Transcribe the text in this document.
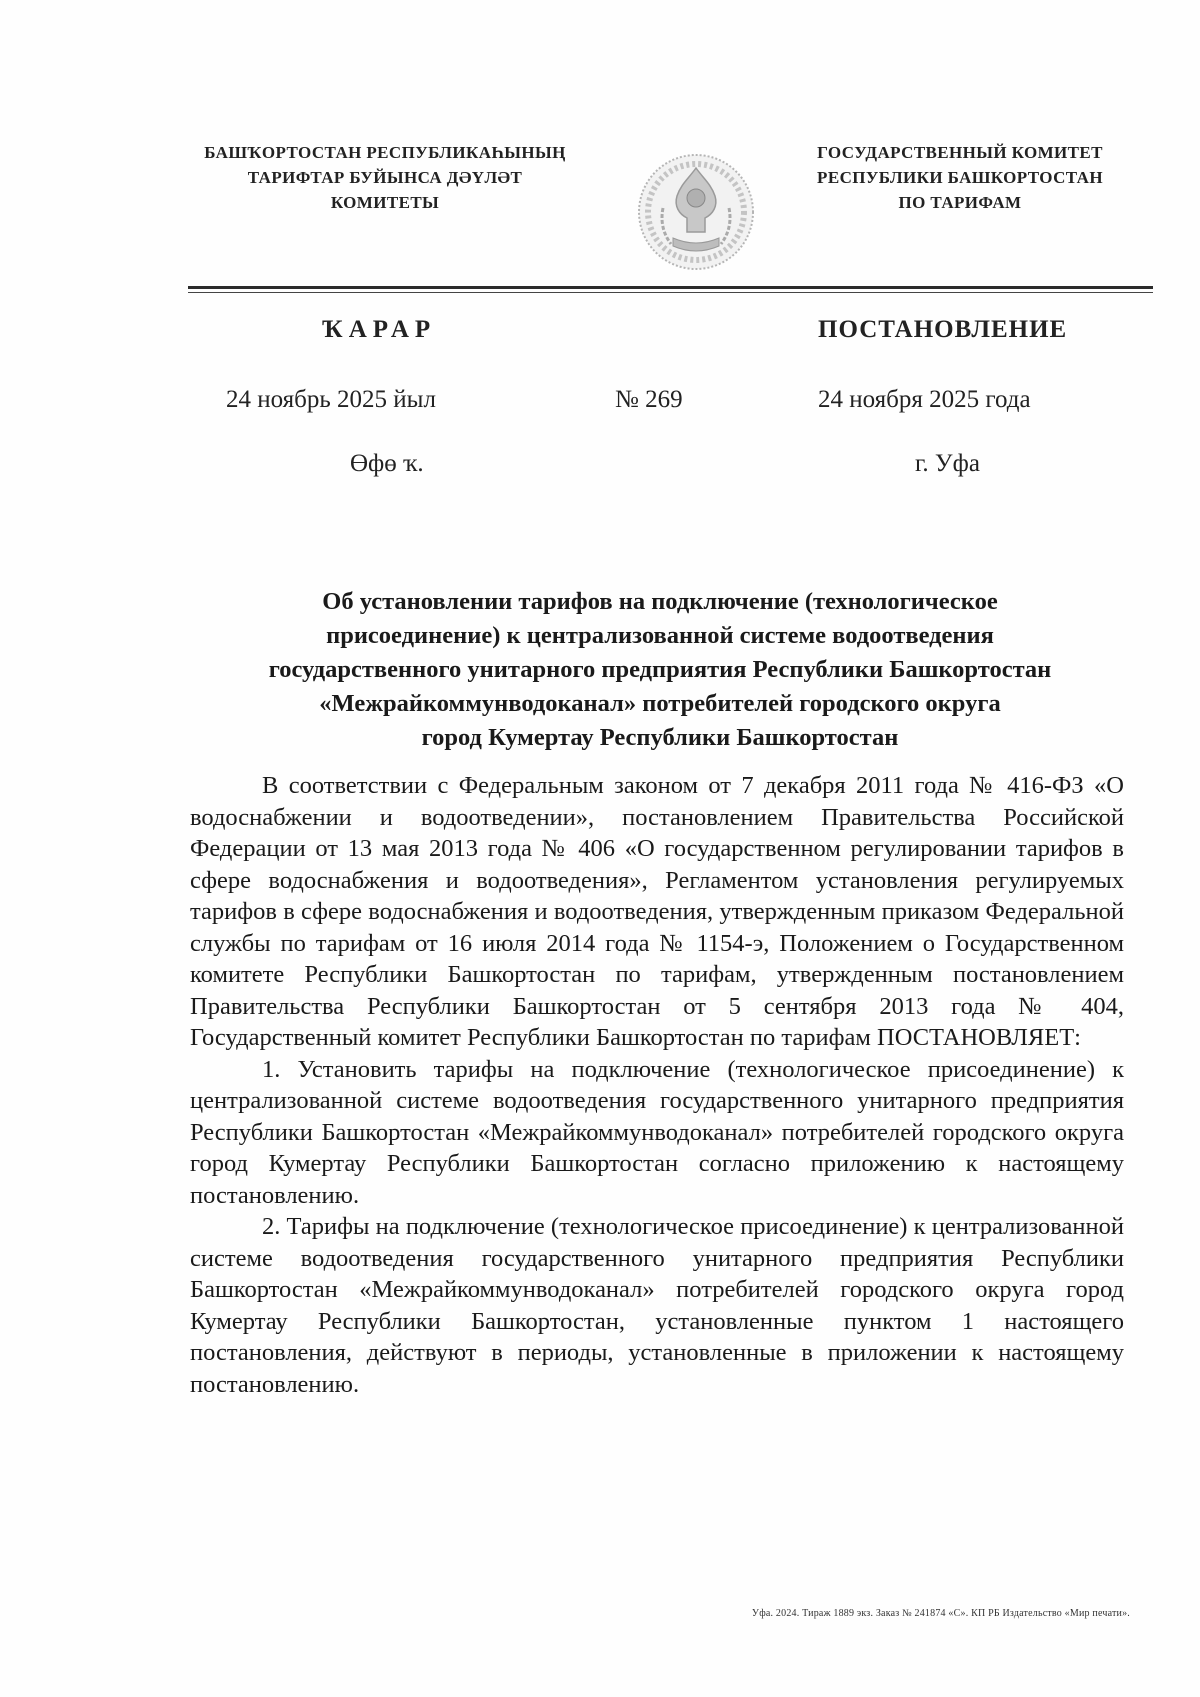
БАШҠОРТОСТАН РЕСПУБЛИКАҺЫНЫҢ
ТАРИФТАР БУЙЫНСА ДӘҮЛӘТ
КОМИТЕТЫ
ГОСУДАРСТВЕННЫЙ КОМИТЕТ
РЕСПУБЛИКИ БАШКОРТОСТАН
ПО ТАРИФАМ
ҠАРАР	ПОСТАНОВЛЕНИЕ
24 ноябрь 2025 йыл	№ 269	24 ноября 2025 года
Өфө ҡ.	г. Уфа
Об установлении тарифов на подключение (технологическое
присоединение) к централизованной системе водоотведения
государственного унитарного предприятия Республики Башкортостан
«Межрайкоммунводоканал» потребителей городского округа
город Кумертау Республики Башкортостан

В соответствии с Федеральным законом от 7 декабря 2011 года № 416-ФЗ «О водоснабжении и водоотведении», постановлением Правительства Российской Федерации от 13 мая 2013 года № 406 «О государственном регулировании тарифов в сфере водоснабжения и водоотведения», Регламентом установления регулируемых тарифов в сфере водоснабжения и водоотведения, утвержденным приказом Федеральной службы по тарифам от 16 июля 2014 года № 1154-э, Положением о Государственном комитете Республики Башкортостан по тарифам, утвержденным постановлением Правительства Республики Башкортостан от 5 сентября 2013 года № 404, Государственный комитет Республики Башкортостан по тарифам ПОСТАНОВЛЯЕТ:

1. Установить тарифы на подключение (технологическое присоединение) к централизованной системе водоотведения государственного унитарного предприятия Республики Башкортостан «Межрайкоммунводоканал» потребителей городского округа город Кумертау Республики Башкортостан согласно приложению к настоящему постановлению.

2. Тарифы на подключение (технологическое присоединение) к централизованной системе водоотведения государственного унитарного предприятия Республики Башкортостан «Межрайкоммунводоканал» потребителей городского округа город Кумертау Республики Башкортостан, установленные пунктом 1 настоящего постановления, действуют в периоды, установленные в приложении к настоящему постановлению.

Уфа. 2024. Тираж 1889 экз. Заказ № 241874 «С». КП РБ Издательство «Мир печати».
